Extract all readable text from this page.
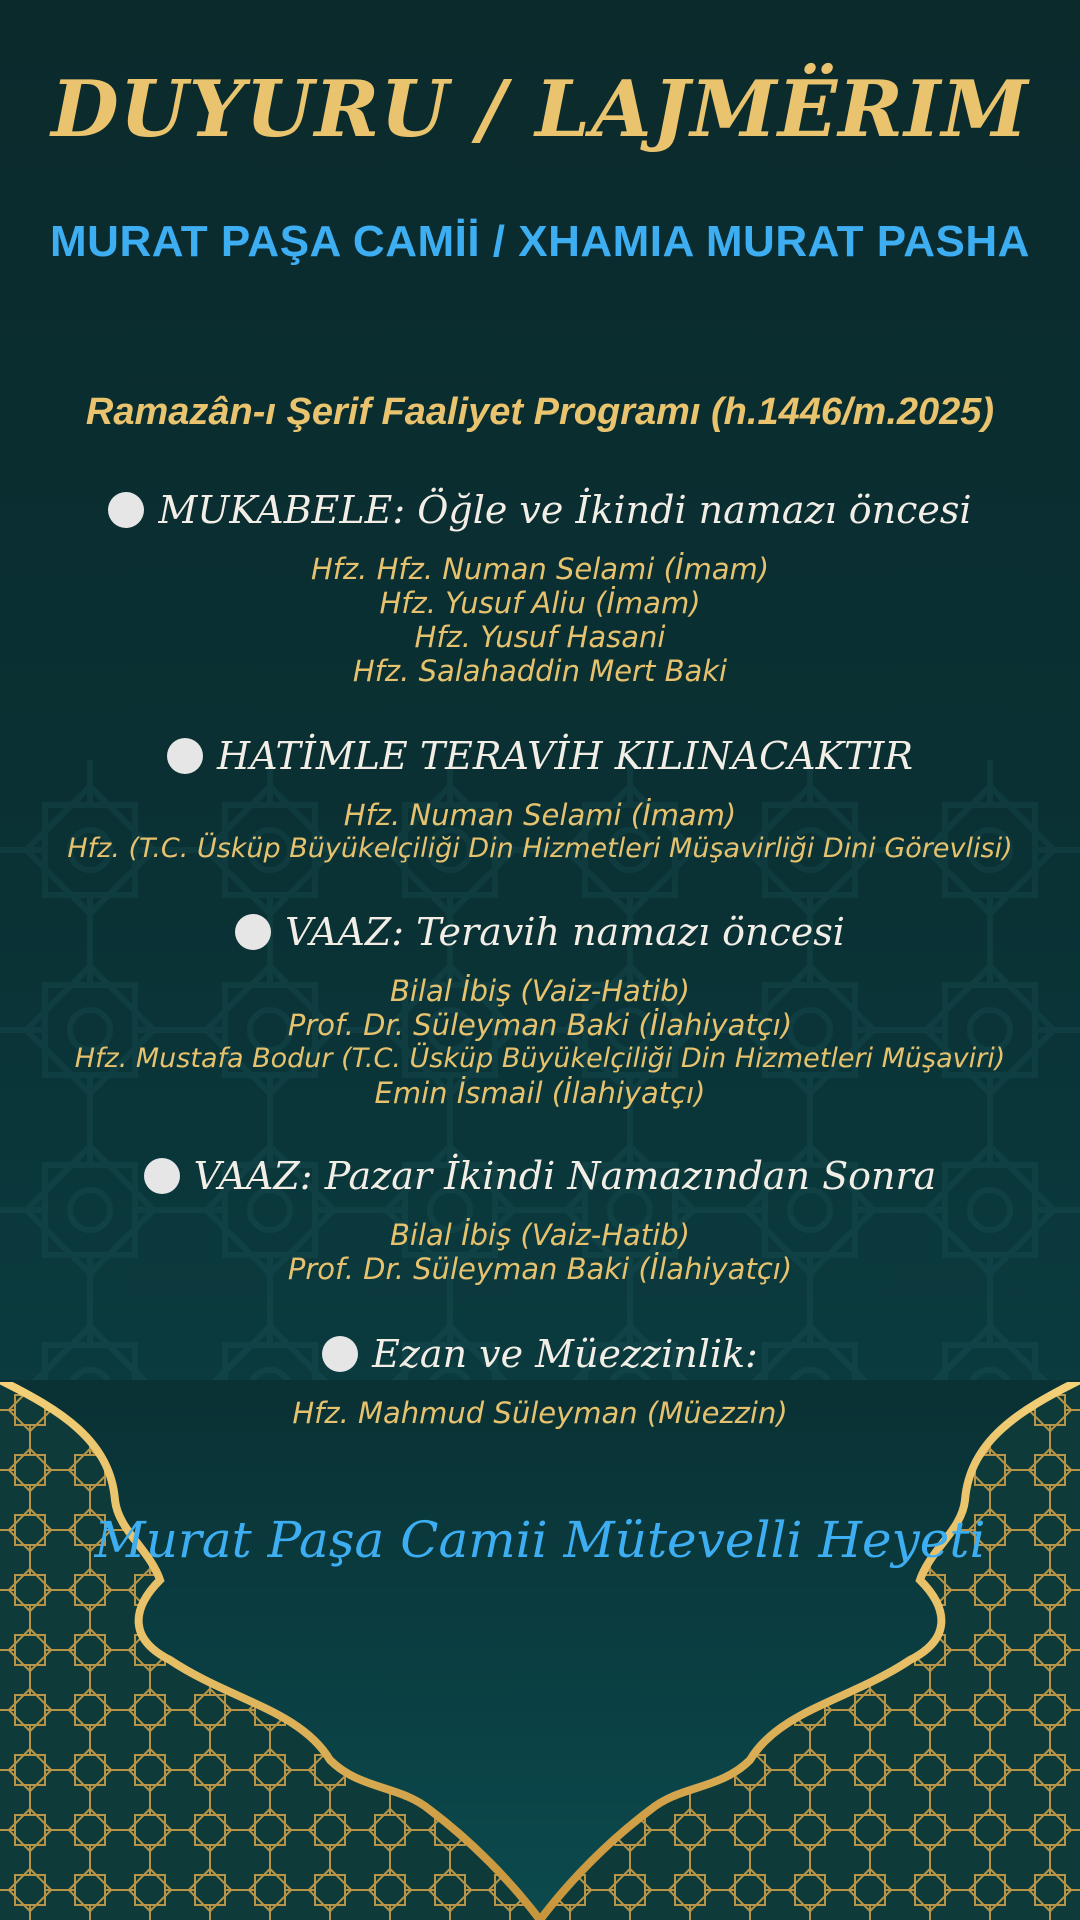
DUYURU / LAJMËRIM
MURAT PAŞA CAMİİ / XHAMIA MURAT PASHA
Ramazân-ı Şerif Faaliyet Programı (h.1446/m.2025)
MUKABELE: Öğle ve İkindi namazı öncesi
Hfz. Hfz. Numan Selami (İmam)
Hfz. Yusuf Aliu (İmam)
Hfz. Yusuf Hasani
Hfz. Salahaddin Mert Baki
HATİMLE TERAVİH KILINACAKTIR
Hfz. Numan Selami (İmam)
Hfz. (T.C. Üsküp Büyükelçiliği Din Hizmetleri Müşavirliği Dini Görevlisi)
VAAZ: Teravih namazı öncesi
Bilal İbiş (Vaiz-Hatib)
Prof. Dr. Süleyman Baki (İlahiyatçı)
Hfz. Mustafa Bodur (T.C. Üsküp Büyükelçiliği Din Hizmetleri Müşaviri)
Emin İsmail (İlahiyatçı)
VAAZ: Pazar İkindi Namazından Sonra
Bilal İbiş (Vaiz-Hatib)
Prof. Dr. Süleyman Baki (İlahiyatçı)
Ezan ve Müezzinlik:
Hfz. Mahmud Süleyman (Müezzin)
Murat Paşa Camii Mütevelli Heyeti
